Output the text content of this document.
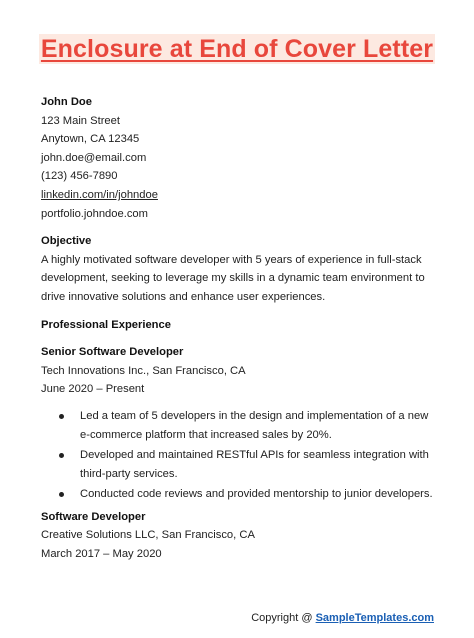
Enclosure at End of Cover Letter
John Doe
123 Main Street
Anytown, CA 12345
john.doe@email.com
(123) 456-7890
linkedin.com/in/johndoe
portfolio.johndoe.com
Objective
A highly motivated software developer with 5 years of experience in full-stack development, seeking to leverage my skills in a dynamic team environment to drive innovative solutions and enhance user experiences.
Professional Experience
Senior Software Developer
Tech Innovations Inc., San Francisco, CA
June 2020 – Present
Led a team of 5 developers in the design and implementation of a new e-commerce platform that increased sales by 20%.
Developed and maintained RESTful APIs for seamless integration with third-party services.
Conducted code reviews and provided mentorship to junior developers.
Software Developer
Creative Solutions LLC, San Francisco, CA
March 2017 – May 2020
Copyright @ SampleTemplates.com
